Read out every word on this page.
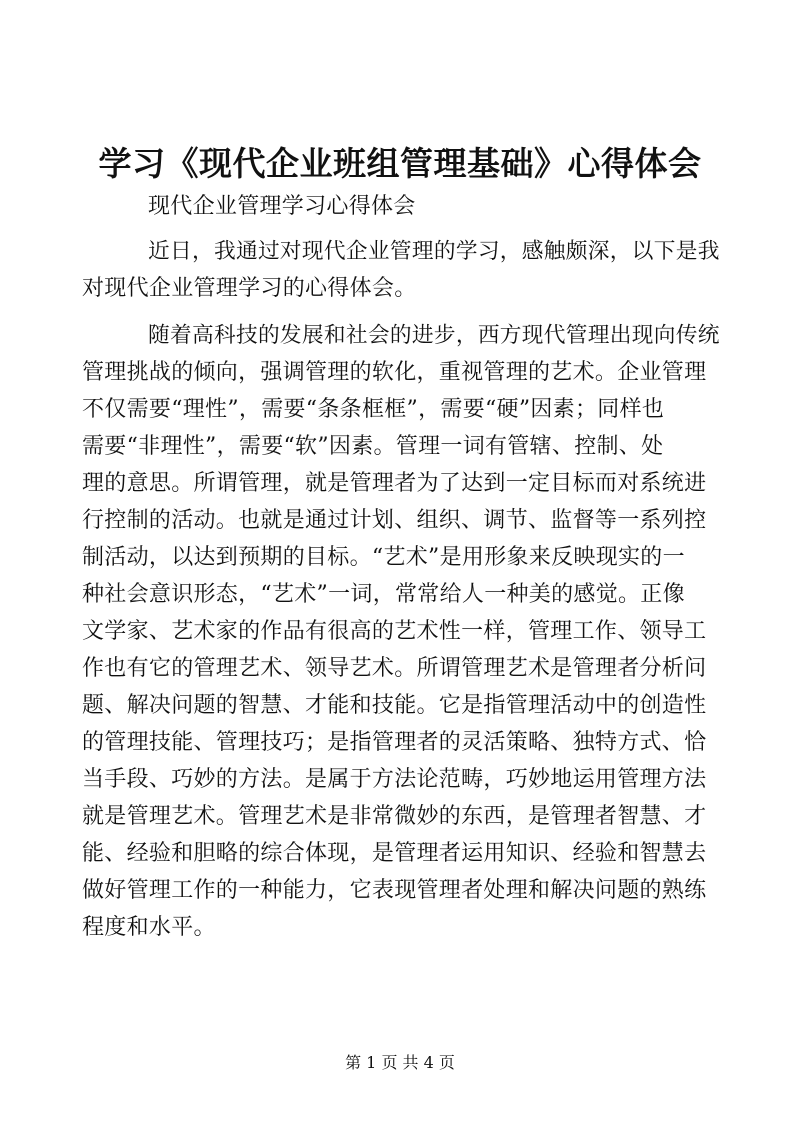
学习《现代企业班组管理基础》心得体会
现代企业管理学习心得体会
近日，我通过对现代企业管理的学习，感触颇深，以下是我
对现代企业管理学习的心得体会。
随着高科技的发展和社会的进步，西方现代管理出现向传统
管理挑战的倾向，强调管理的软化，重视管理的艺术。企业管理
不仅需要“理性”，需要“条条框框”，需要“硬”因素；同样也
需要“非理性”，需要“软”因素。管理一词有管辖、控制、处
理的意思。所谓管理，就是管理者为了达到一定目标而对系统进
行控制的活动。也就是通过计划、组织、调节、监督等一系列控
制活动，以达到预期的目标。“艺术”是用形象来反映现实的一
种社会意识形态，“艺术”一词，常常给人一种美的感觉。正像
文学家、艺术家的作品有很高的艺术性一样，管理工作、领导工
作也有它的管理艺术、领导艺术。所谓管理艺术是管理者分析问
题、解决问题的智慧、才能和技能。它是指管理活动中的创造性
的管理技能、管理技巧；是指管理者的灵活策略、独特方式、恰
当手段、巧妙的方法。是属于方法论范畴，巧妙地运用管理方法
就是管理艺术。管理艺术是非常微妙的东西，是管理者智慧、才
能、经验和胆略的综合体现，是管理者运用知识、经验和智慧去
做好管理工作的一种能力，它表现管理者处理和解决问题的熟练
程度和水平。
第 1 页 共 4 页
